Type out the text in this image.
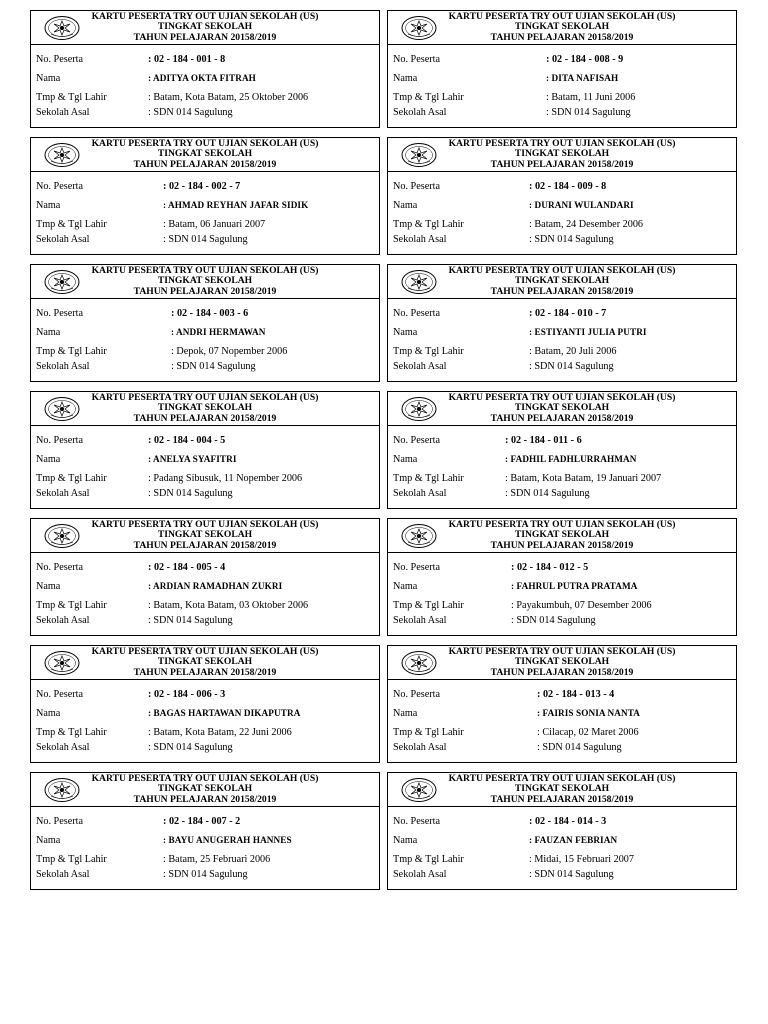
KARTU PESERTA TRY OUT UJIAN SEKOLAH (US)
TINGKAT SEKOLAH
TAHUN PELAJARAN 20158/2019
No. Peserta	: 02 - 184 - 001 - 8
Nama	: ADITYA OKTA FITRAH
Tmp & Tgl Lahir	: Batam, Kota Batam, 25 Oktober 2006
Sekolah Asal	: SDN 014 Sagulung
KARTU PESERTA TRY OUT UJIAN SEKOLAH (US)
TINGKAT SEKOLAH
TAHUN PELAJARAN 20158/2019
No. Peserta	: 02 - 184 - 008 - 9
Nama	: DITA NAFISAH
Tmp & Tgl Lahir	: Batam, 11 Juni 2006
Sekolah Asal	: SDN 014 Sagulung
KARTU PESERTA TRY OUT UJIAN SEKOLAH (US)
TINGKAT SEKOLAH
TAHUN PELAJARAN 20158/2019
No. Peserta	: 02 - 184 - 002 - 7
Nama	: AHMAD REYHAN JAFAR SIDIK
Tmp & Tgl Lahir	: Batam, 06 Januari 2007
Sekolah Asal	: SDN 014 Sagulung
KARTU PESERTA TRY OUT UJIAN SEKOLAH (US)
TINGKAT SEKOLAH
TAHUN PELAJARAN 20158/2019
No. Peserta	: 02 - 184 - 009 - 8
Nama	: DURANI WULANDARI
Tmp & Tgl Lahir	: Batam, 24 Desember 2006
Sekolah Asal	: SDN 014 Sagulung
KARTU PESERTA TRY OUT UJIAN SEKOLAH (US)
TINGKAT SEKOLAH
TAHUN PELAJARAN 20158/2019
No. Peserta	: 02 - 184 - 003 - 6
Nama	: ANDRI HERMAWAN
Tmp & Tgl Lahir	: Depok, 07 Nopember 2006
Sekolah Asal	: SDN 014 Sagulung
KARTU PESERTA TRY OUT UJIAN SEKOLAH (US)
TINGKAT SEKOLAH
TAHUN PELAJARAN 20158/2019
No. Peserta	: 02 - 184 - 010 - 7
Nama	: ESTIYANTI JULIA PUTRI
Tmp & Tgl Lahir	: Batam, 20 Juli 2006
Sekolah Asal	: SDN 014 Sagulung
KARTU PESERTA TRY OUT UJIAN SEKOLAH (US)
TINGKAT SEKOLAH
TAHUN PELAJARAN 20158/2019
No. Peserta	: 02 - 184 - 004 - 5
Nama	: ANELYA SYAFITRI
Tmp & Tgl Lahir	: Padang Sibusuk, 11 Nopember 2006
Sekolah Asal	: SDN 014 Sagulung
KARTU PESERTA TRY OUT UJIAN SEKOLAH (US)
TINGKAT SEKOLAH
TAHUN PELAJARAN 20158/2019
No. Peserta	: 02 - 184 - 011 - 6
Nama	: FADHIL FADHLURRAHMAN
Tmp & Tgl Lahir	: Batam, Kota Batam, 19 Januari 2007
Sekolah Asal	: SDN 014 Sagulung
KARTU PESERTA TRY OUT UJIAN SEKOLAH (US)
TINGKAT SEKOLAH
TAHUN PELAJARAN 20158/2019
No. Peserta	: 02 - 184 - 005 - 4
Nama	: ARDIAN RAMADHAN ZUKRI
Tmp & Tgl Lahir	: Batam, Kota Batam, 03 Oktober 2006
Sekolah Asal	: SDN 014 Sagulung
KARTU PESERTA TRY OUT UJIAN SEKOLAH (US)
TINGKAT SEKOLAH
TAHUN PELAJARAN 20158/2019
No. Peserta	: 02 - 184 - 012 - 5
Nama	: FAHRUL PUTRA PRATAMA
Tmp & Tgl Lahir	: Payakumbuh, 07 Desember 2006
Sekolah Asal	: SDN 014 Sagulung
KARTU PESERTA TRY OUT UJIAN SEKOLAH (US)
TINGKAT SEKOLAH
TAHUN PELAJARAN 20158/2019
No. Peserta	: 02 - 184 - 006 - 3
Nama	: BAGAS HARTAWAN DIKAPUTRA
Tmp & Tgl Lahir	: Batam, Kota Batam, 22 Juni 2006
Sekolah Asal	: SDN 014 Sagulung
KARTU PESERTA TRY OUT UJIAN SEKOLAH (US)
TINGKAT SEKOLAH
TAHUN PELAJARAN 20158/2019
No. Peserta	: 02 - 184 - 013 - 4
Nama	: FAIRIS SONIA NANTA
Tmp & Tgl Lahir	: Cilacap, 02 Maret 2006
Sekolah Asal	: SDN 014 Sagulung
KARTU PESERTA TRY OUT UJIAN SEKOLAH (US)
TINGKAT SEKOLAH
TAHUN PELAJARAN 20158/2019
No. Peserta	: 02 - 184 - 007 - 2
Nama	: BAYU ANUGERAH HANNES
Tmp & Tgl Lahir	: Batam, 25 Februari 2006
Sekolah Asal	: SDN 014 Sagulung
KARTU PESERTA TRY OUT UJIAN SEKOLAH (US)
TINGKAT SEKOLAH
TAHUN PELAJARAN 20158/2019
No. Peserta	: 02 - 184 - 014 - 3
Nama	: FAUZAN FEBRIAN
Tmp & Tgl Lahir	: Midai, 15 Februari 2007
Sekolah Asal	: SDN 014 Sagulung
